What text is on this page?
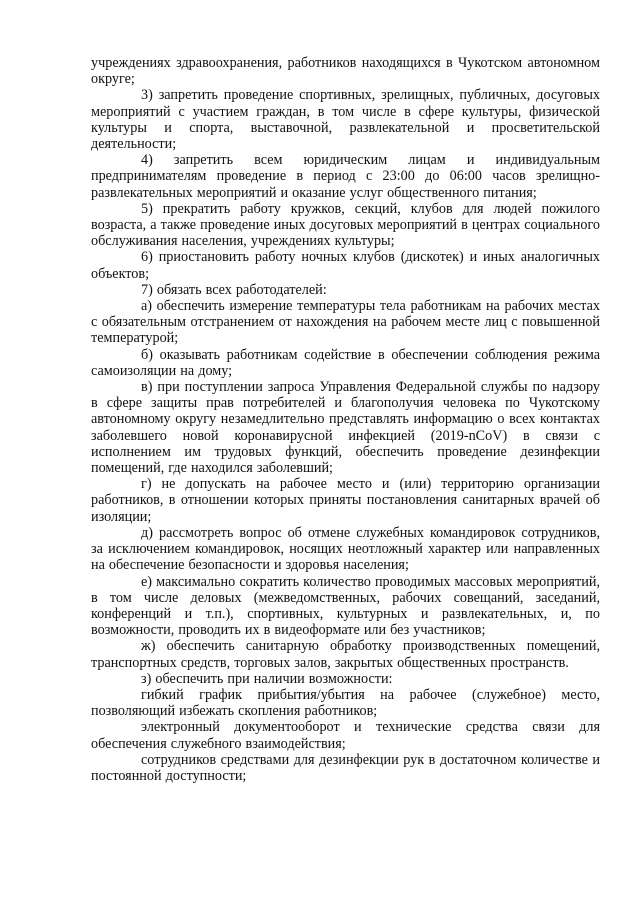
учреждениях здравоохранения, работников находящихся в Чукотском автономном округе;

3) запретить проведение спортивных, зрелищных, публичных, досуговых мероприятий с участием граждан, в том числе в сфере культуры, физической культуры и спорта, выставочной, развлекательной и просветительской деятельности;

4) запретить всем юридическим лицам и индивидуальным предпринимателям проведение в период с 23:00 до 06:00 часов зрелищно-развлекательных мероприятий и оказание услуг общественного питания;

5) прекратить работу кружков, секций, клубов для людей пожилого возраста, а также проведение иных досуговых мероприятий в центрах социального обслуживания населения, учреждениях культуры;

6) приостановить работу ночных клубов (дискотек) и иных аналогичных объектов;

7) обязать всех работодателей:

а) обеспечить измерение температуры тела работникам на рабочих местах с обязательным отстранением от нахождения на рабочем месте лиц с повышенной температурой;

б) оказывать работникам содействие в обеспечении соблюдения режима самоизоляции на дому;

в) при поступлении запроса Управления Федеральной службы по надзору в сфере защиты прав потребителей и благополучия человека по Чукотскому автономному округу незамедлительно представлять информацию о всех контактах заболевшего новой коронавирусной инфекцией (2019-nCoV) в связи с исполнением им трудовых функций, обеспечить проведение дезинфекции помещений, где находился заболевший;

г) не допускать на рабочее место и (или) территорию организации работников, в отношении которых приняты постановления санитарных врачей об изоляции;

д) рассмотреть вопрос об отмене служебных командировок сотрудников, за исключением командировок, носящих неотложный характер или направленных на обеспечение безопасности и здоровья населения;

е) максимально сократить количество проводимых массовых мероприятий, в том числе деловых (межведомственных, рабочих совещаний, заседаний, конференций и т.п.), спортивных, культурных и развлекательных, и, по возможности, проводить их в видеоформате или без участников;

ж) обеспечить санитарную обработку производственных помещений, транспортных средств, торговых залов, закрытых общественных пространств.

з) обеспечить при наличии возможности:

гибкий график прибытия/убытия на рабочее (служебное) место, позволяющий избежать скопления работников;

электронный документооборот и технические средства связи для обеспечения служебного взаимодействия;

сотрудников средствами для дезинфекции рук в достаточном количестве и постоянной доступности;
